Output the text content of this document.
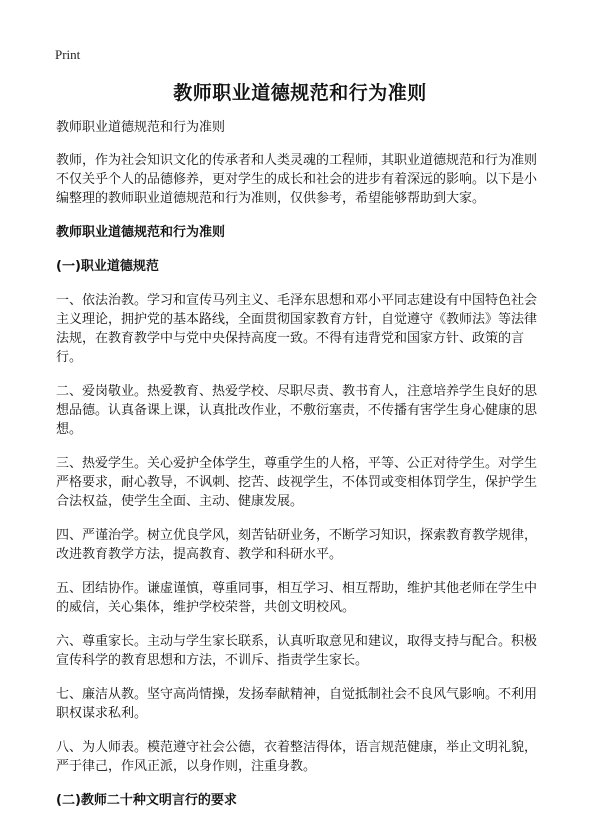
Print
教师职业道德规范和行为准则

教师职业道德规范和行为准则

教师，作为社会知识文化的传承者和人类灵魂的工程师，其职业道德规范和行为准则不仅关乎个人的品德修养，更对学生的成长和社会的进步有着深远的影响。以下是小编整理的教师职业道德规范和行为准则，仅供参考，希望能够帮助到大家。

教师职业道德规范和行为准则
(一)职业道德规范

一、依法治教。学习和宣传马列主义、毛泽东思想和邓小平同志建设有中国特色社会主义理论，拥护党的基本路线，全面贯彻国家教育方针，自觉遵守《教师法》等法律法规，在教育教学中与党中央保持高度一致。不得有违背党和国家方针、政策的言行。

二、爱岗敬业。热爱教育、热爱学校、尽职尽责、教书育人，注意培养学生良好的思想品德。认真备课上课，认真批改作业，不敷衍塞责，不传播有害学生身心健康的思想。

三、热爱学生。关心爱护全体学生，尊重学生的人格，平等、公正对待学生。对学生严格要求，耐心教导，不讽刺、挖苦、歧视学生，不体罚或变相体罚学生，保护学生合法权益，使学生全面、主动、健康发展。

四、严谨治学。树立优良学风，刻苦钻研业务，不断学习知识，探索教育教学规律，改进教育教学方法，提高教育、教学和科研水平。

五、团结协作。谦虚谨慎，尊重同事，相互学习、相互帮助，维护其他老师在学生中的威信，关心集体，维护学校荣誉，共创文明校风。

六、尊重家长。主动与学生家长联系，认真听取意见和建议，取得支持与配合。积极宣传科学的教育思想和方法，不训斥、指责学生家长。

七、廉洁从教。坚守高尚情操，发扬奉献精神，自觉抵制社会不良风气影响。不利用职权谋求私利。

八、为人师表。模范遵守社会公德，衣着整洁得体，语言规范健康，举止文明礼貌，严于律己，作风正派，以身作则，注重身教。

(二)教师二十种文明言行的要求
